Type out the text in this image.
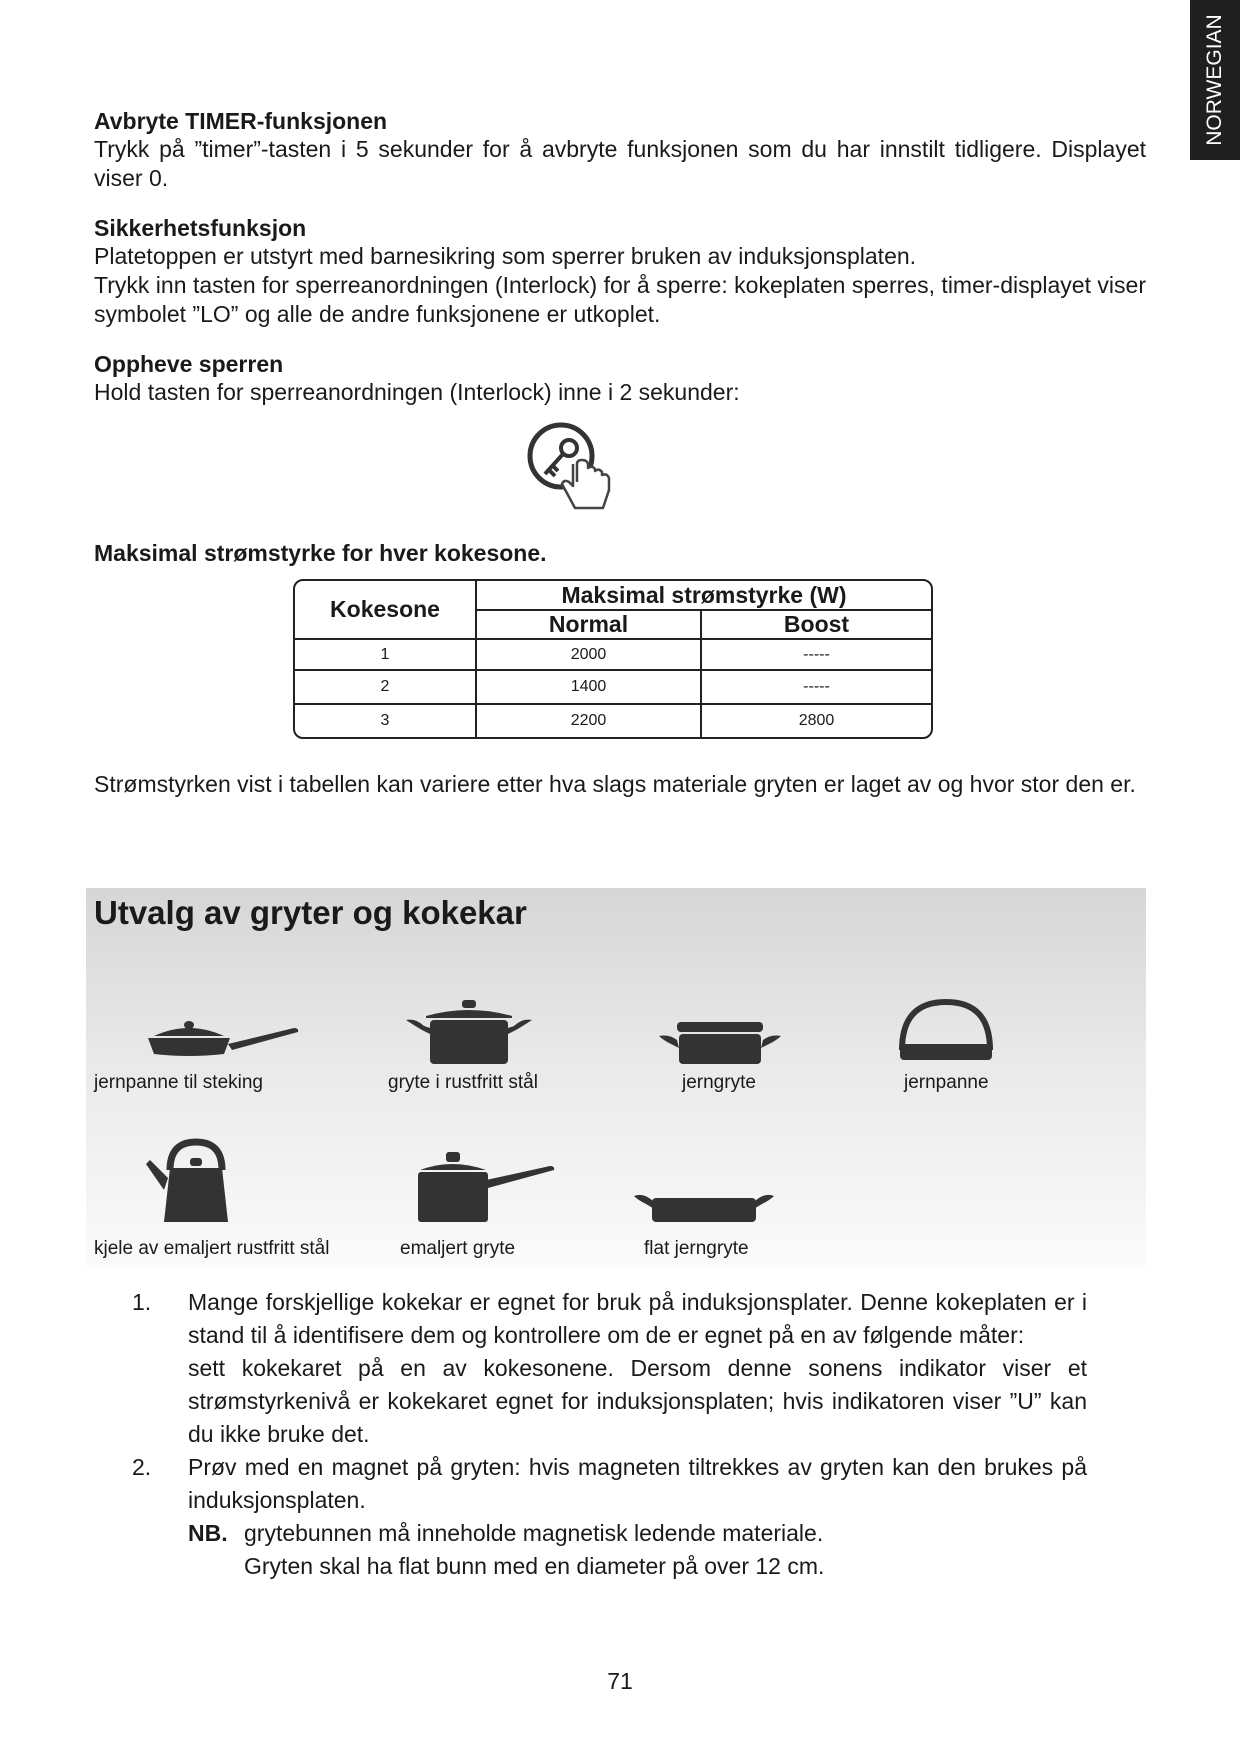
NORWEGIAN

Avbryte TIMER-funksjonen

Trykk på ”timer”-tasten i 5 sekunder for å avbryte funksjonen som du har innstilt tidligere. Displayet viser 0.

Sikkerhetsfunksjon

Platetoppen er utstyrt med barnesikring som sperrer bruken av induksjonsplaten.

Trykk inn tasten for sperreanordningen (Interlock) for å sperre: kokeplaten sperres, timer-displayet viser symbolet ”LO” og alle de andre funksjonene er utkoplet.

Oppheve sperren

Hold tasten for sperreanordningen (Interlock) inne i 2 sekunder:

Maksimal strømstyrke for hver kokesone.

Kokesone	Maksimal strømstyrke (W)	
	Normal	Boost
1	2000	-----
2	1400	-----
3	2200	2800

Strømstyrken vist i tabellen kan variere etter hva slags materiale gryten er laget av og hvor stor den er.

Utvalg av gryter og kokekar
jernpanne til steking	gryte i rustfritt stål	jerngryte	jernpanne
kjele av emaljert rustfritt stål	emaljert gryte	flat jerngryte
1. Mange forskjellige kokekar er egnet for bruk på induksjonsplater. Denne kokeplaten er i stand til å identifisere dem og kontrollere om de er egnet på en av følgende måter:

sett kokekaret på en av kokesonene. Dersom denne sonens indikator viser et strømstyrkenivå er kokekaret egnet for induksjonsplaten; hvis indikatoren viser ”U” kan du ikke bruke det.

2. Prøv med en magnet på gryten: hvis magneten tiltrekkes av gryten kan den brukes på induksjonsplaten.

NB. grytebunnen må inneholde magnetisk ledende materiale.

Gryten skal ha flat bunn med en diameter på over 12 cm.

71
